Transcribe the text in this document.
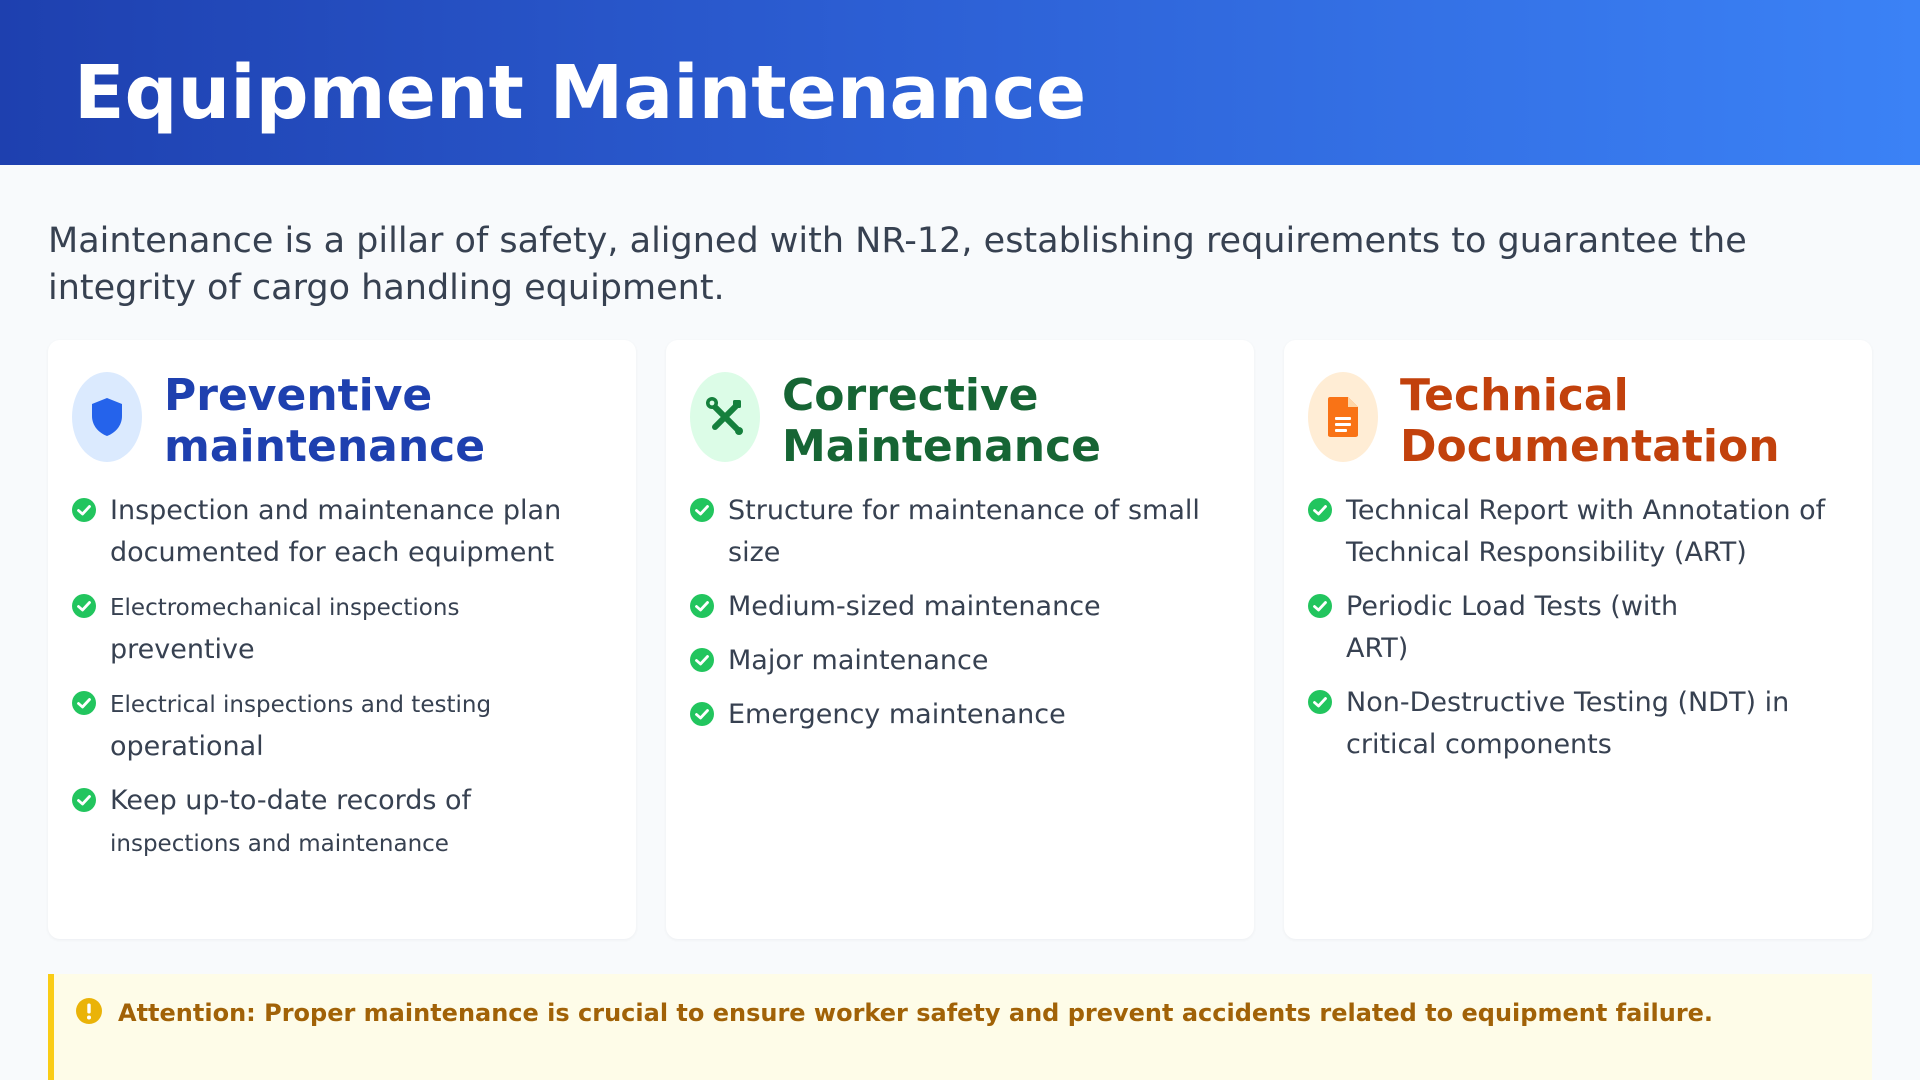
Equipment Maintenance

Maintenance is a pillar of safety, aligned with NR-12, establishing requirements to guarantee the integrity of cargo handling equipment.

Preventive maintenance
Inspection and maintenance plan documented for each equipment
Electromechanical inspections
preventive
Electrical inspections and testing
operational
Keep up-to-date records of
inspections and maintenance
Corrective Maintenance
Structure for maintenance of small size
Medium-sized maintenance
Major maintenance
Emergency maintenance
Technical Documentation
Technical Report with Annotation of Technical Responsibility (ART)
Periodic Load Tests (with ART)
Non-Destructive Testing (NDT) in critical components

Attention: Proper maintenance is crucial to ensure worker safety and prevent accidents related to equipment failure.
